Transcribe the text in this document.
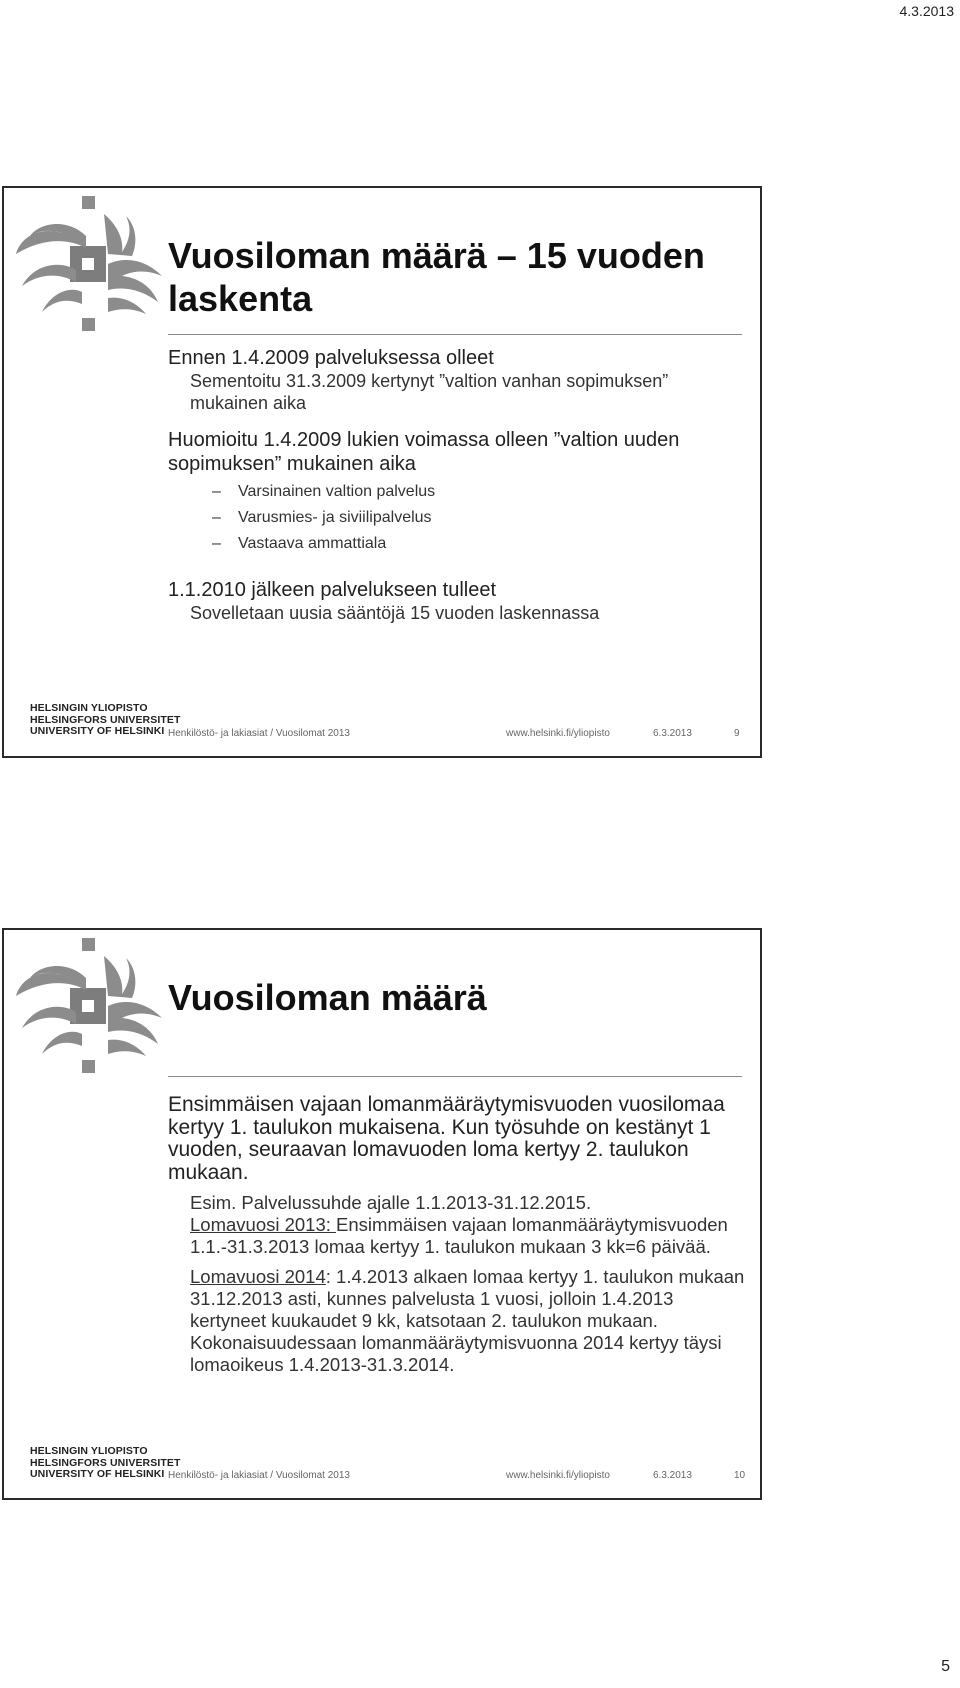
4.3.2013
Vuosiloman määrä – 15 vuoden laskenta
Ennen 1.4.2009 palveluksessa olleet
Sementoitu 31.3.2009 kertynyt ”valtion vanhan sopimuksen” mukainen aika
Huomioitu 1.4.2009 lukien voimassa olleen ”valtion uuden sopimuksen” mukainen aika
– Varsinainen valtion palvelus
– Varusmies- ja siviilipalvelus
– Vastaava ammattiala
1.1.2010 jälkeen palvelukseen tulleet
Sovelletaan uusia sääntöjä 15 vuoden laskennassa
HELSINGIN YLIOPISTO
HELSINGFORS UNIVERSITET
UNIVERSITY OF HELSINKI Henkilöstö- ja lakiasiat / Vuosilomat 2013	www.helsinki.fi/yliopisto	6.3.2013	9
Vuosiloman määrä
Ensimmäisen vajaan lomanmääräytymisvuoden vuosilomaa kertyy 1. taulukon mukaisena. Kun työsuhde on kestänyt 1 vuoden, seuraavan lomavuoden loma kertyy 2. taulukon mukaan.
Esim. Palvelussuhde ajalle 1.1.2013-31.12.2015.
Lomavuosi 2013: Ensimmäisen vajaan lomanmääräytymisvuoden 1.1.-31.3.2013 lomaa kertyy 1. taulukon mukaan 3 kk=6 päivää.
Lomavuosi 2014: 1.4.2013 alkaen lomaa kertyy 1. taulukon mukaan 31.12.2013 asti, kunnes palvelusta 1 vuosi, jolloin 1.4.2013 kertyneet kuukaudet 9 kk, katsotaan 2. taulukon mukaan. Kokonaisuudessaan lomanmääräytymisvuonna 2014 kertyy täysi lomaoikeus 1.4.2013-31.3.2014.
HELSINGIN YLIOPISTO
HELSINGFORS UNIVERSITET
UNIVERSITY OF HELSINKI Henkilöstö- ja lakiasiat / Vuosilomat 2013	www.helsinki.fi/yliopisto	6.3.2013	10
5
